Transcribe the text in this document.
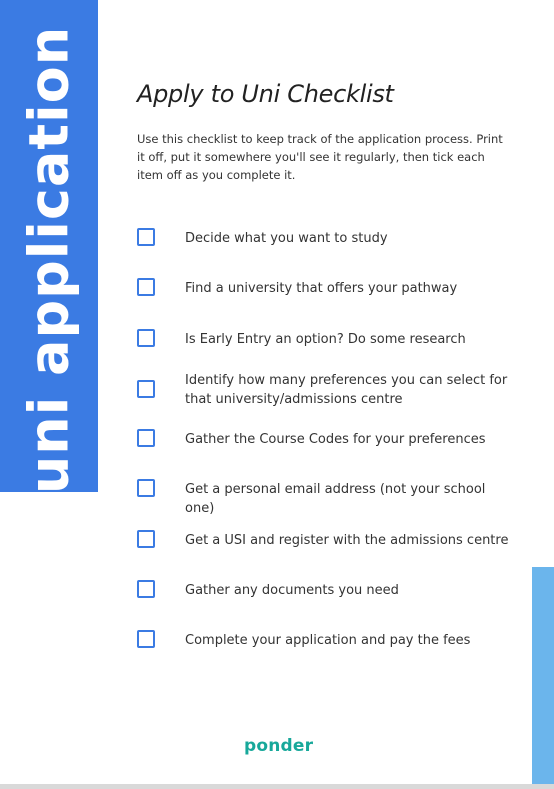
uni application Apply to Uni Checklist
Use this checklist to keep track of the application process. Print it off, put it somewhere you'll see it regularly, then tick each item off as you complete it.
Decide what you want to study
Find a university that offers your pathway
Is Early Entry an option? Do some research
Identify how many preferences you can select for that university/admissions centre
Gather the Course Codes for your preferences
Get a personal email address (not your school one)
Get a USI and register with the admissions centre
Gather any documents you need
Complete your application and pay the fees
ponder
